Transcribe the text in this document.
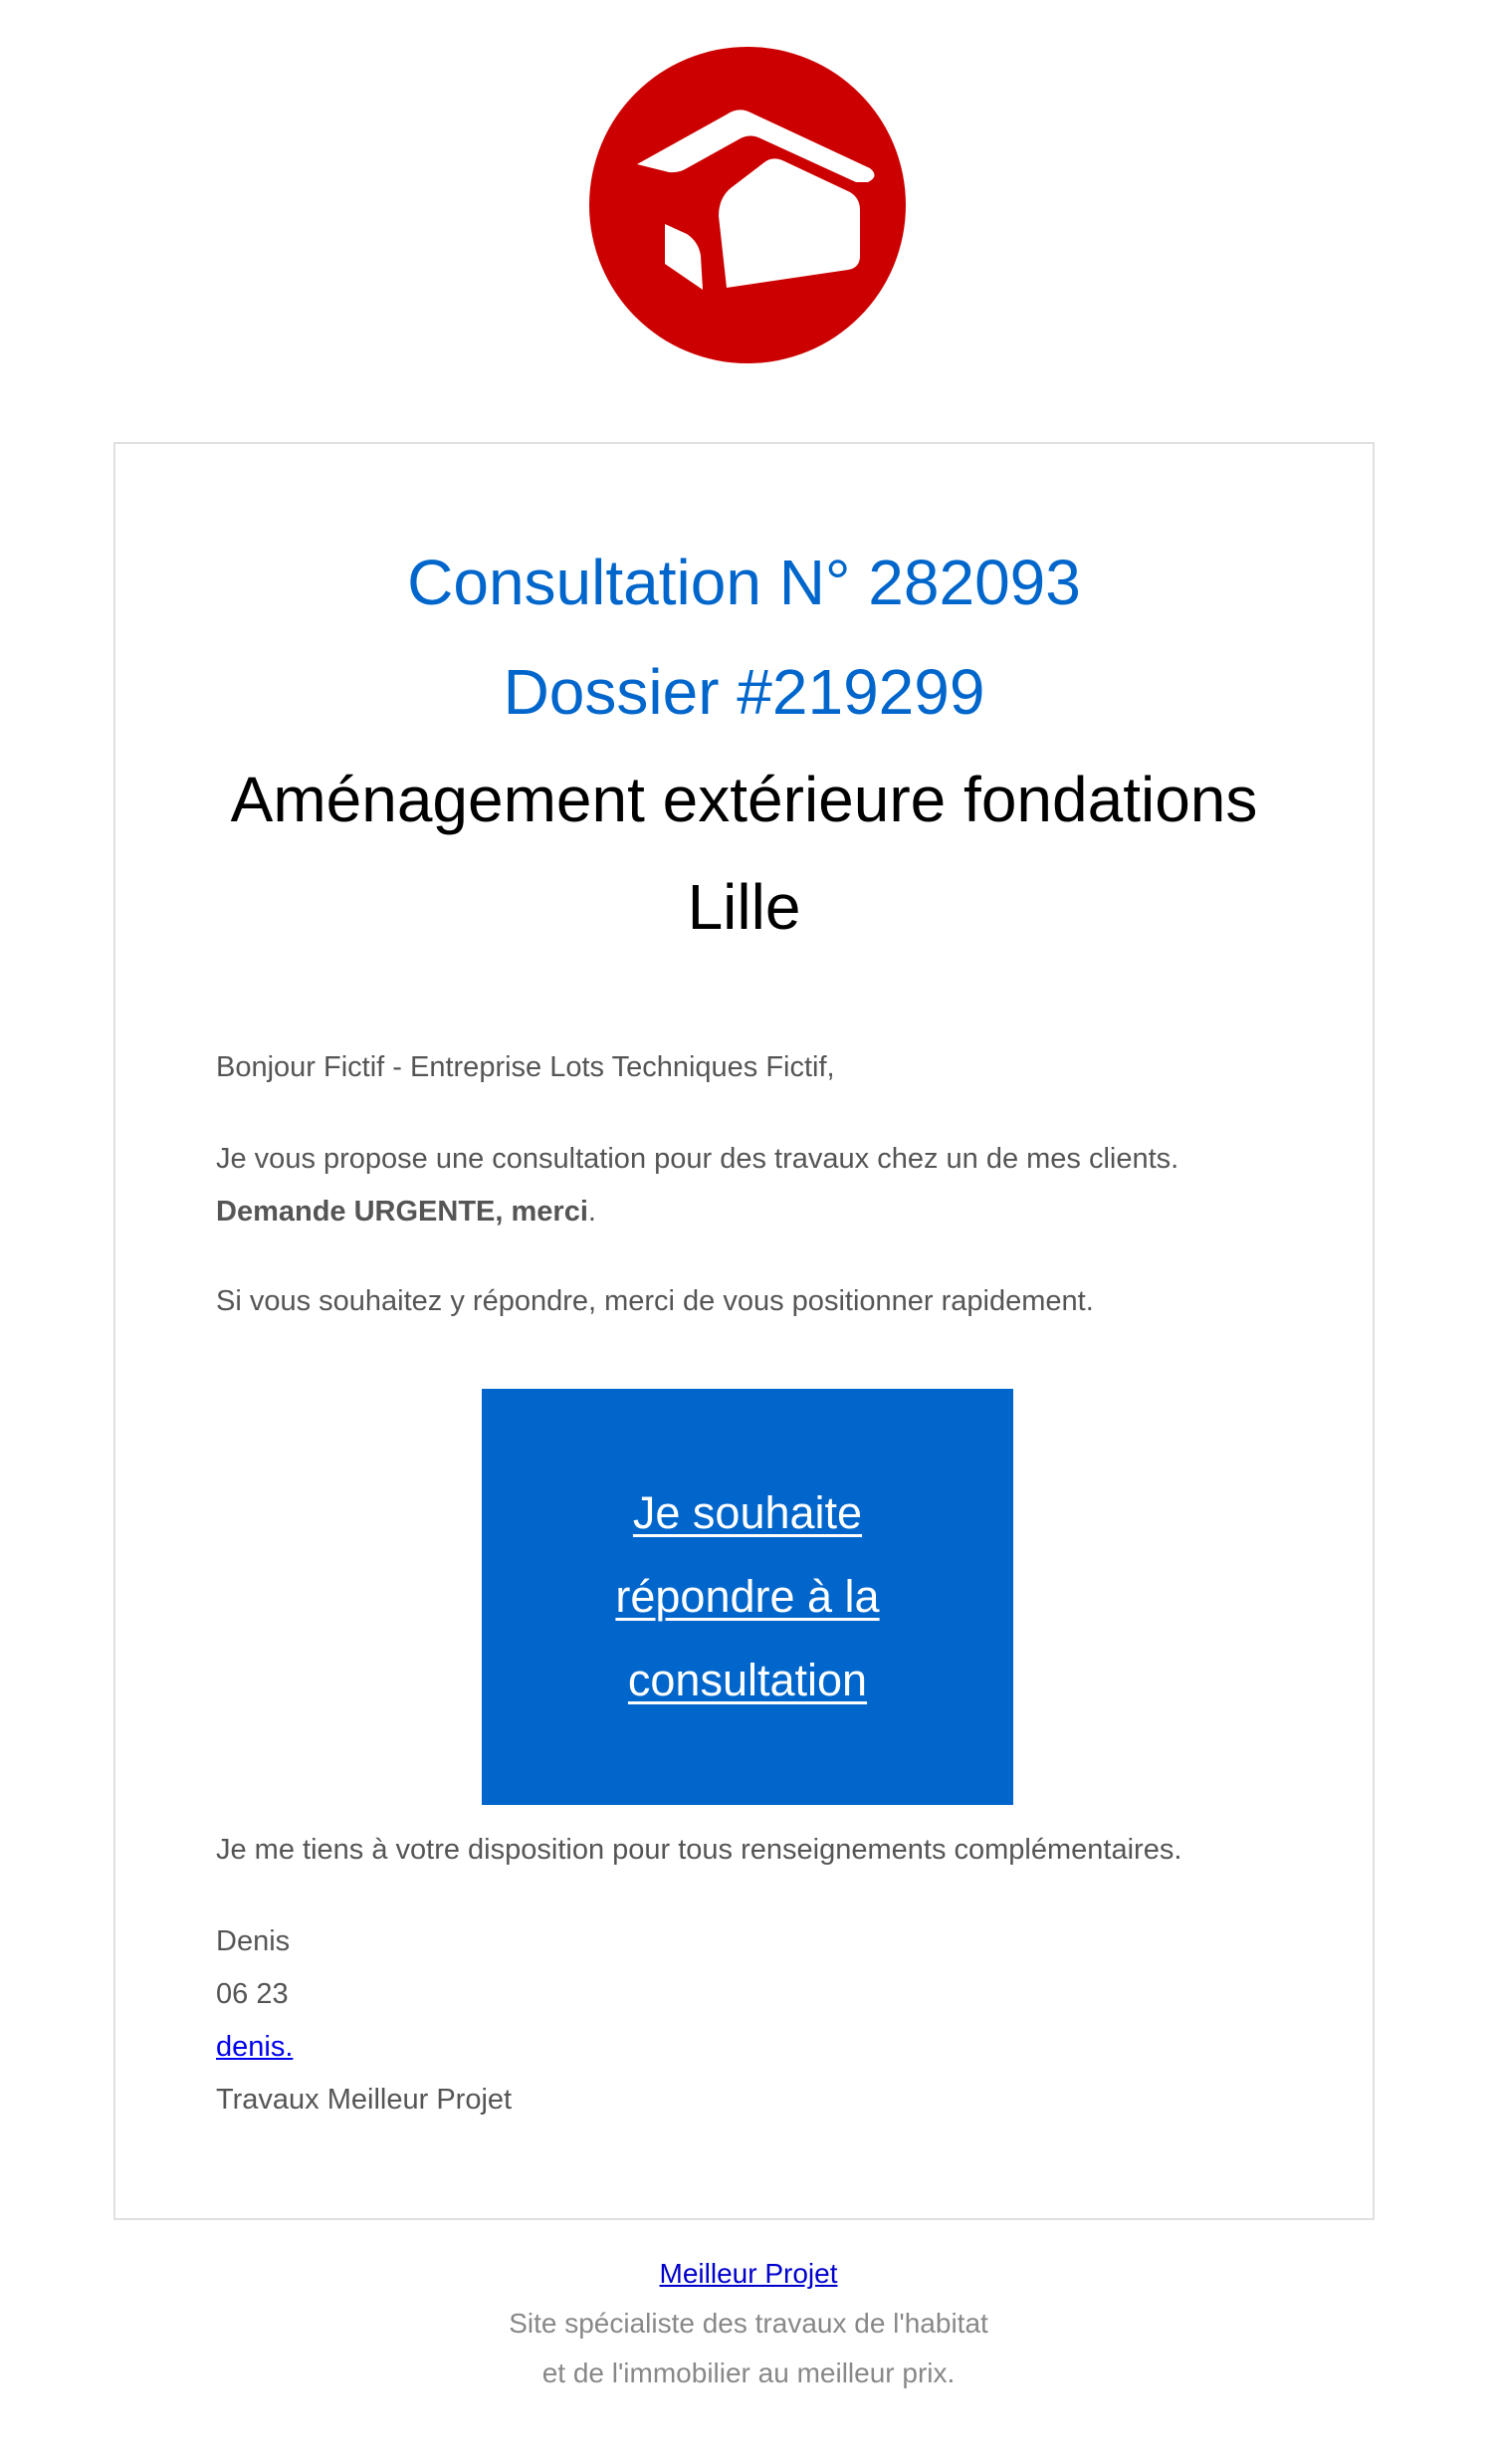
Consultation N° 282093
Dossier #219299
Aménagement extérieure fondations
Lille
Bonjour Fictif - Entreprise Lots Techniques Fictif,
Je vous propose une consultation pour des travaux chez un de mes clients.
Demande URGENTE, merci.
Si vous souhaitez y répondre, merci de vous positionner rapidement.
Je souhaite répondre à la consultation
Je me tiens à votre disposition pour tous renseignements complémentaires.
Denis
06 23
denis.
Travaux Meilleur Projet
Meilleur Projet
Site spécialiste des travaux de l'habitat
et de l'immobilier au meilleur prix.
